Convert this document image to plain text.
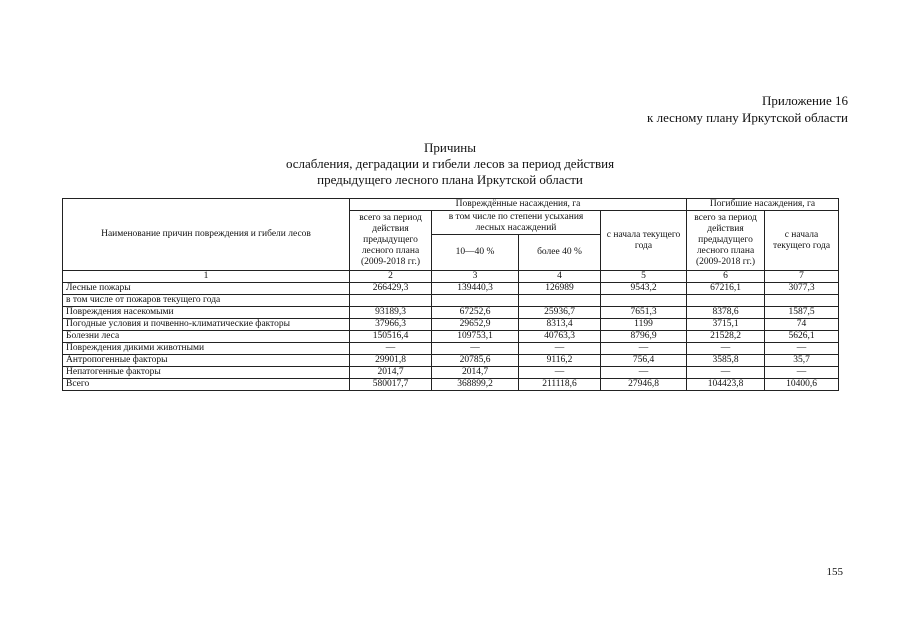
Приложение 16
к лесному плану Иркутской области
Причины
ослабления, деградации и гибели лесов за период действия
предыдущего лесного плана Иркутской области
Наименование причин повреждения и гибели лесов	Повреждённые насаждения, га				Погибшие насаждения, га	
	всего за период действия предыдущего лесного плана (2009-2018 гг.)	в том числе по степени усыхания лесных насаждений		с начала текущего года	всего за период действия предыдущего лесного плана (2009-2018 гг.)	с начала текущего года
		10—40 %	более 40 %			
1	2	3	4	5	6	7
Лесные пожары	266429,3	139440,3	126989	9543,2	67216,1	3077,3
в том числе от пожаров текущего года						
Повреждения насекомыми	93189,3	67252,6	25936,7	7651,3	8378,6	1587,5
Погодные условия и почвенно-климатические факторы	37966,3	29652,9	8313,4	1199	3715,1	74
Болезни леса	150516,4	109753,1	40763,3	8796,9	21528,2	5626,1
Повреждения дикими животными	—	—	—	—	—	—
Антропогенные факторы	29901,8	20785,6	9116,2	756,4	3585,8	35,7
Непатогенные факторы	2014,7	2014,7	—	—	—	—
Всего	580017,7	368899,2	211118,6	27946,8	104423,8	10400,6
155
